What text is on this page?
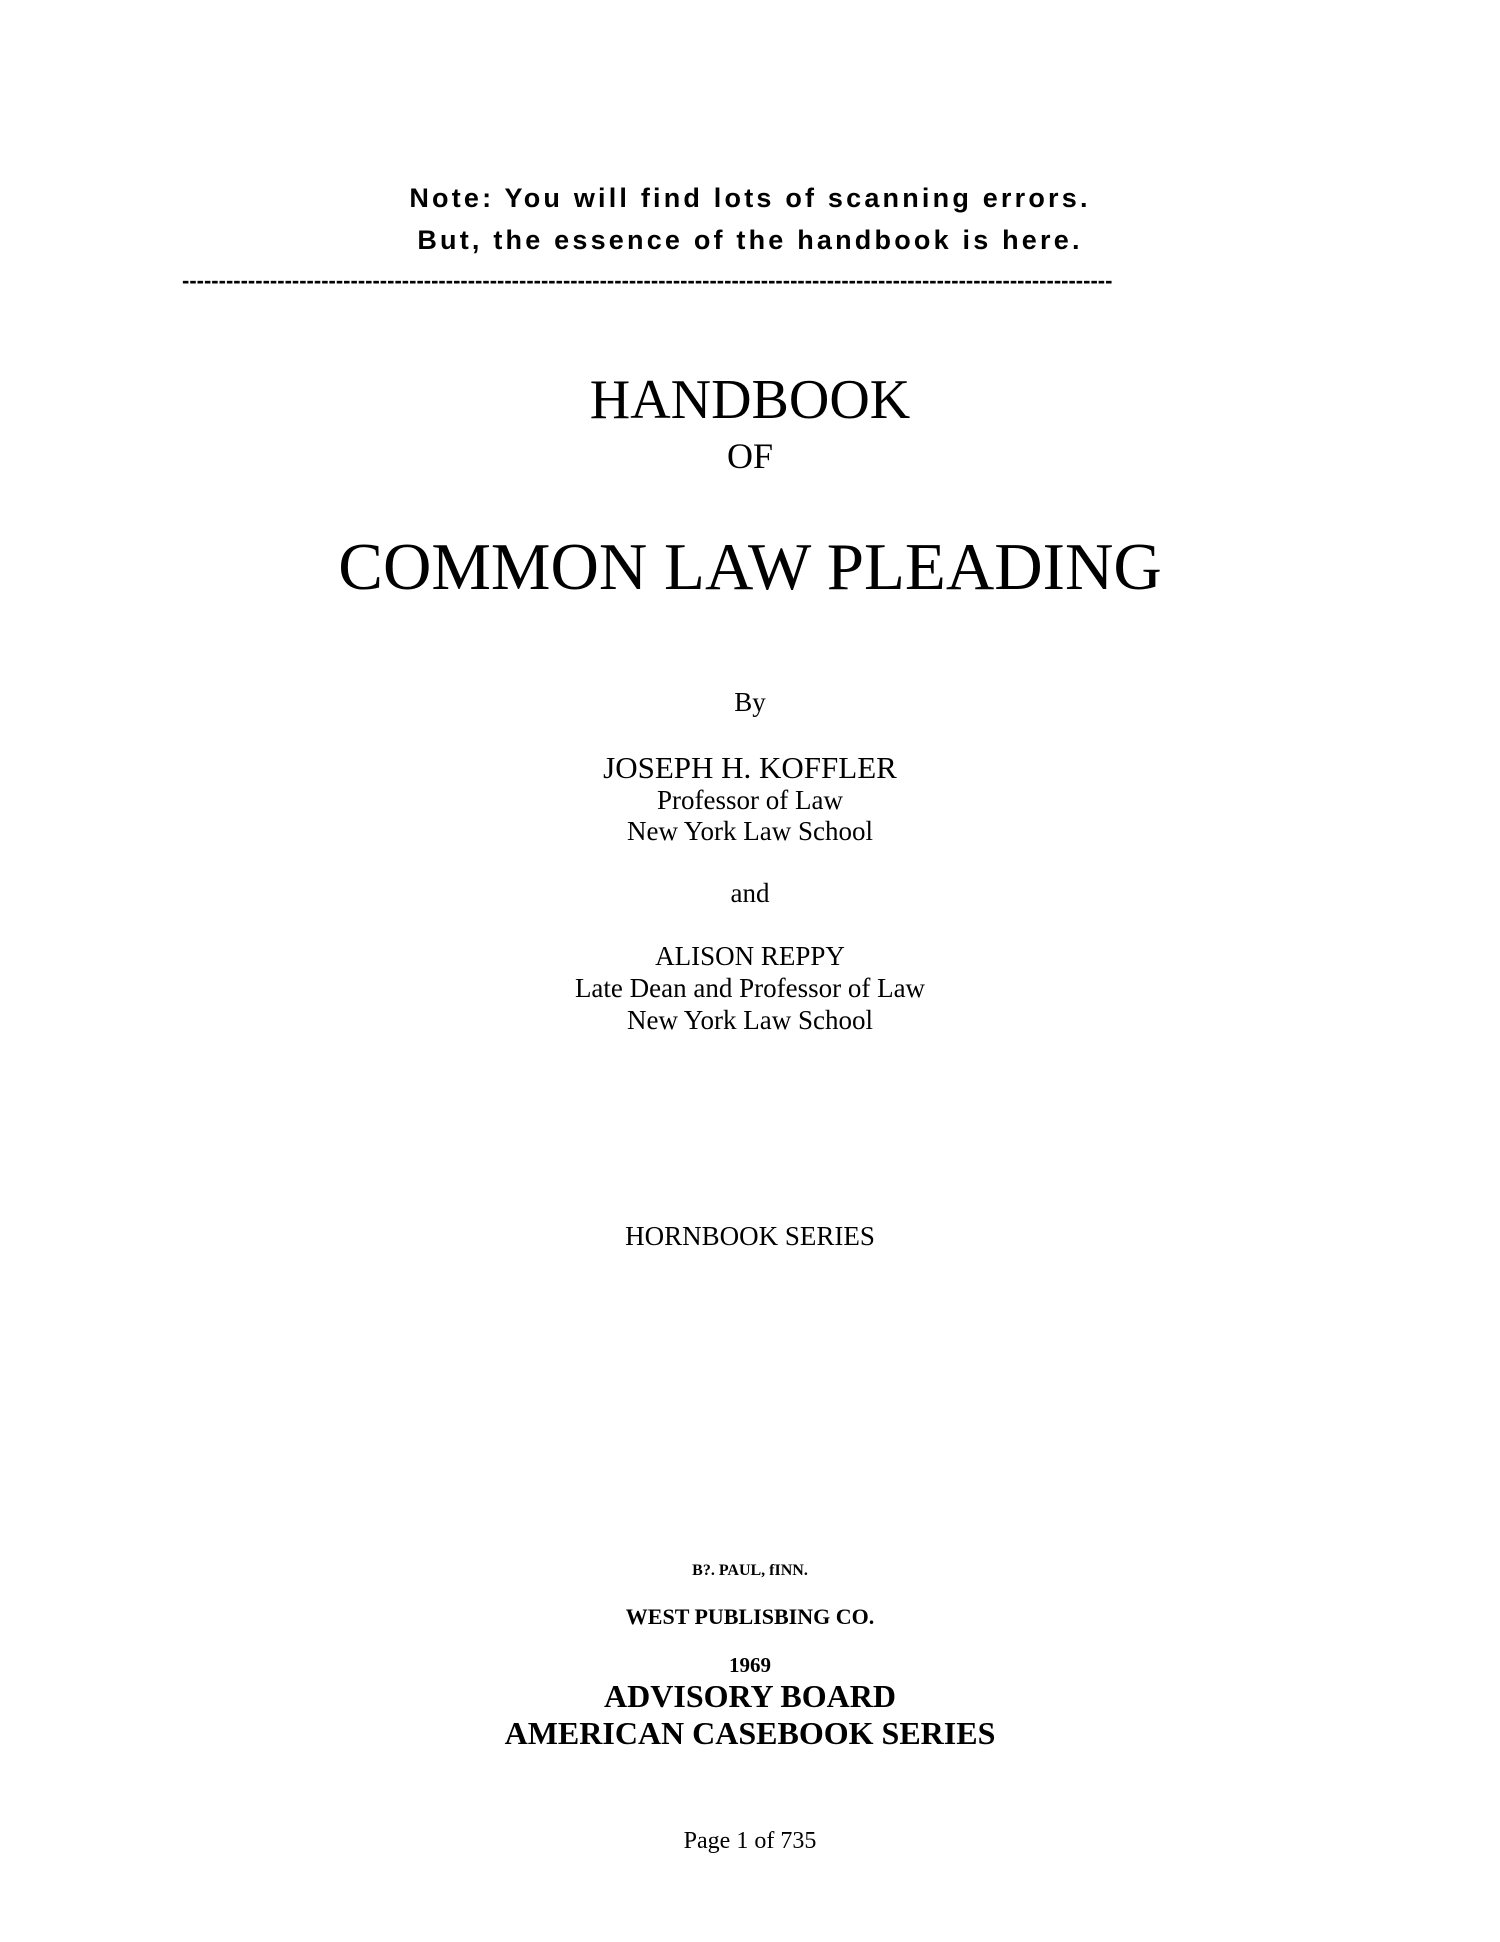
Note: You will find lots of scanning errors.
But, the essence of the handbook is here.
-------------------------------------------------------------------------------------------------------------------------------
HANDBOOK
OF
COMMON LAW PLEADING
By
JOSEPH H. KOFFLER
Professor of Law
New York Law School
and
ALISON REPPY
Late Dean and Professor of Law
New York Law School
HORNBOOK SERIES
B?. PAUL, fINN.
WEST PUBLISBING CO.
1969
ADVISORY BOARD
AMERICAN CASEBOOK SERIES
Page 1 of 735
